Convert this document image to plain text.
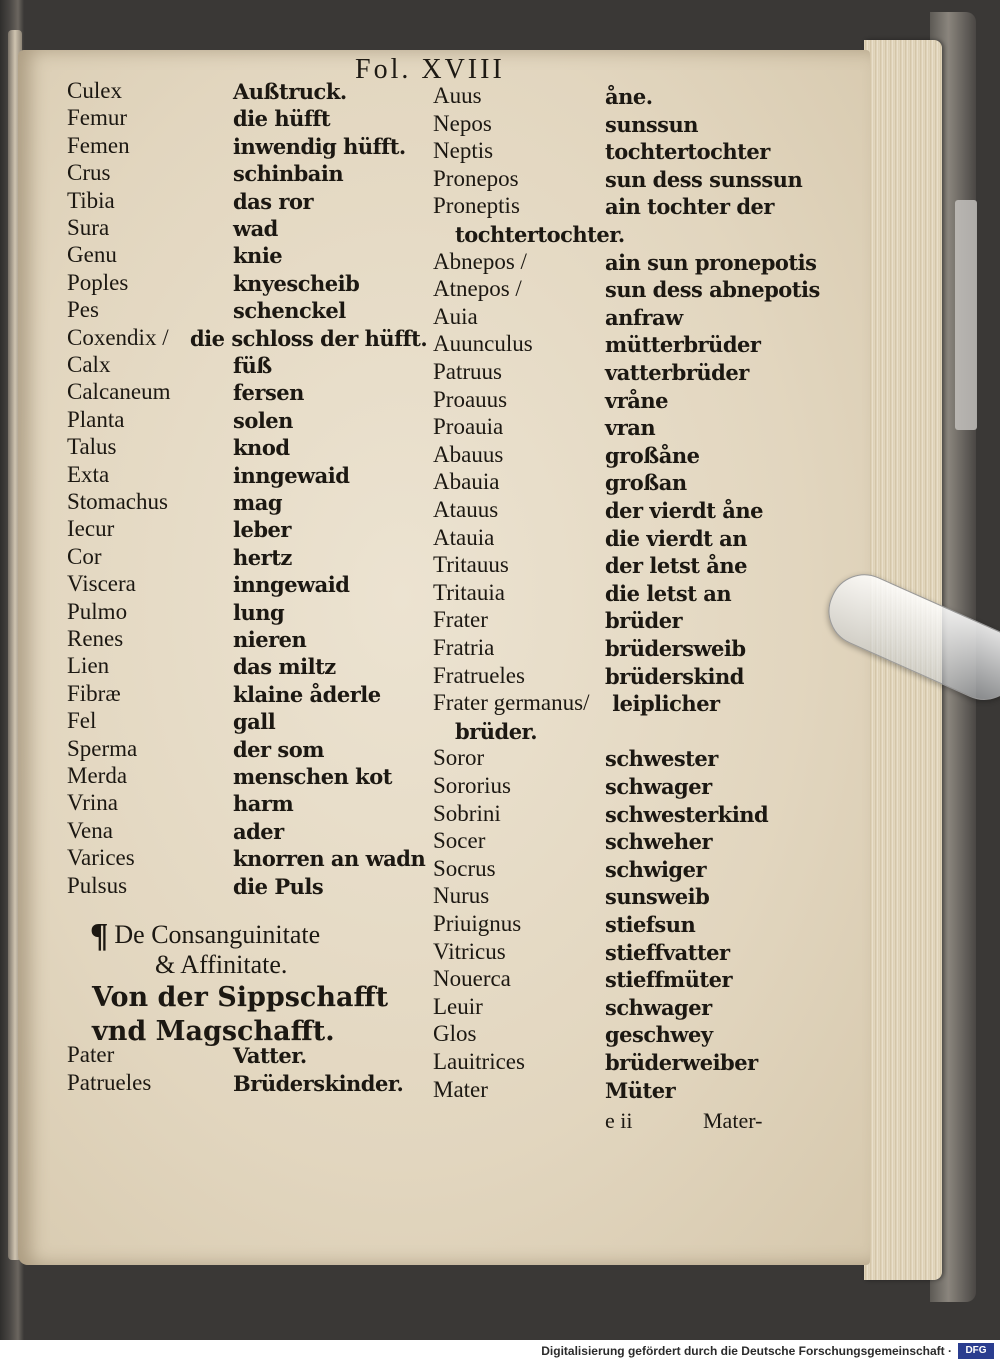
Fol. XVIII
Culex	Außtruck.
Femur	die hüfft
Femen	inwendig hüfft.
Crus	schinbain
Tibia	das ror
Sura	wad
Genu	knie
Poples	knyescheib
Pes	schenckel
Coxendix / die schloss der hüfft.
Calx	füß
Calcaneum	fersen
Planta	solen
Talus	knod
Exta	inngewaid
Stomachus	mag
Iecur	leber
Cor	hertz
Viscera	inngewaid
Pulmo	lung
Renes	nieren
Lien	das miltz
Fibræ	klaine åderle
Fel	gall
Sperma	der som
Merda	menschen kot
Vrina	harm
Vena	ader
Varices	knorren an wadn
Pulsus	die Puls
Auus	åne.
Nepos	sunssun
Neptis	tochtertochter
Pronepos	sun dess sunssun
Proneptis	ain tochter der
tochtertochter.
Abnepos /	ain sun pronepotis
Atnepos /	sun dess abnepotis
Auia	anfraw
Auunculus	mütterbrüder
Patruus	vatterbrüder
Proauus	vråne
Proauia	vran
Abauus	großåne
Abauia	großan
Atauus	der vierdt åne
Atauia	die vierdt an
Tritauus	der letst åne
Tritauia	die letst an
Frater	brüder
Fratria	brüdersweib
Fratrueles	brüderskind
Frater germanus/ leiplicher
brüder.
Soror	schwester
Sororius	schwager
Sobrini	schwesterkind
Socer	schweher
Socrus	schwiger
Nurus	sunsweib
Priuignus	stiefsun
Vitricus	stieffvatter
Nouerca	stieffmüter
Leuir	schwager
Glos	geschwey
Lauitrices	brüderweiber
Mater	Müter
¶ De Consanguinitate
& Affinitate.
Von der Sippschafft
vnd Magschafft.
Pater	Vatter.
Patrueles	Brüderskinder.
e ii	Mater-
Digitalisierung gefördert durch die Deutsche Forschungsgemeinschaft ·	DFG
